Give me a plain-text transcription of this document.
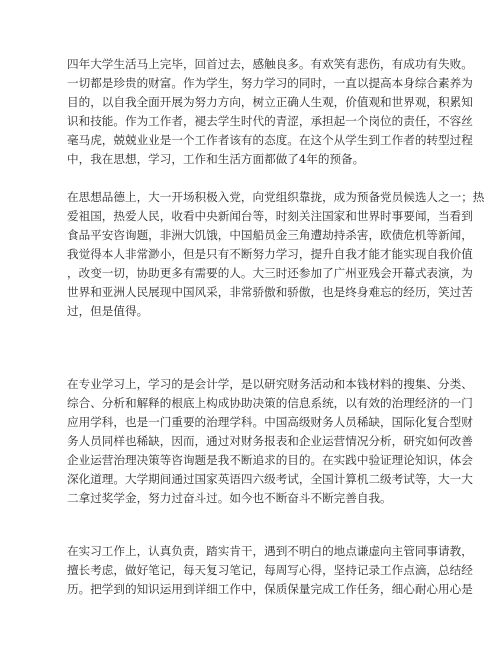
四年大学生活马上完毕，回首过去，感触良多。有欢笑有悲伤，有成功有失败。
一切都是珍贵的财富。作为学生，努力学习的同时，一直以提高本身综合素养为
目的，以自我全面开展为努力方向，树立正确人生观，价值观和世界观，积累知
识和技能。作为工作者，褪去学生时代的青涩，承担起一个岗位的责任，不容丝
毫马虎，兢兢业业是一个工作者该有的态度。在这个从学生到工作者的转型过程
中，我在思想，学习，工作和生活方面都做了4年的预备。
在思想品德上，大一开场积极入党，向党组织靠拢，成为预备党员候选人之一；热
爱祖国，热爱人民，收看中央新闻台等，时刻关注国家和世界时事要闻，当看到
食品平安咨询题，非洲大饥饿，中国船员金三角遭劫持杀害，欧债危机等新闻，
我觉得本人非常渺小，但是只有不断努力学习，提升自我才能才能实现自我价值
，改变一切，协助更多有需要的人。大三时还参加了广州亚残会开幕式表演，为
世界和亚洲人民展现中国风采，非常骄傲和骄傲，也是终身难忘的经历，笑过苦
过，但是值得。
在专业学习上，学习的是会计学，是以研究财务活动和本钱材料的搜集、分类、
综合、分析和解释的根底上构成协助决策的信息系统，以有效的治理经济的一门
应用学科，也是一门重要的治理学科。中国高级财务人员稀缺，国际化复合型财
务人员同样也稀缺，因而，通过对财务报表和企业运营情况分析，研究如何改善
企业运营治理决策等咨询题是我不断追求的目的。在实践中验证理论知识，体会
深化道理。大学期间通过国家英语四六级考试，全国计算机二级考试等，大一大
二拿过奖学金，努力过奋斗过。如今也不断奋斗不断完善自我。
在实习工作上，认真负责，踏实肯干，遇到不明白的地点谦虚向主管同事请教，
擅长考虑，做好笔记，每天复习笔记，每周写心得，坚持记录工作点滴，总结经
历。把学到的知识运用到详细工作中，保质保量完成工作任务，细心耐心用心是
